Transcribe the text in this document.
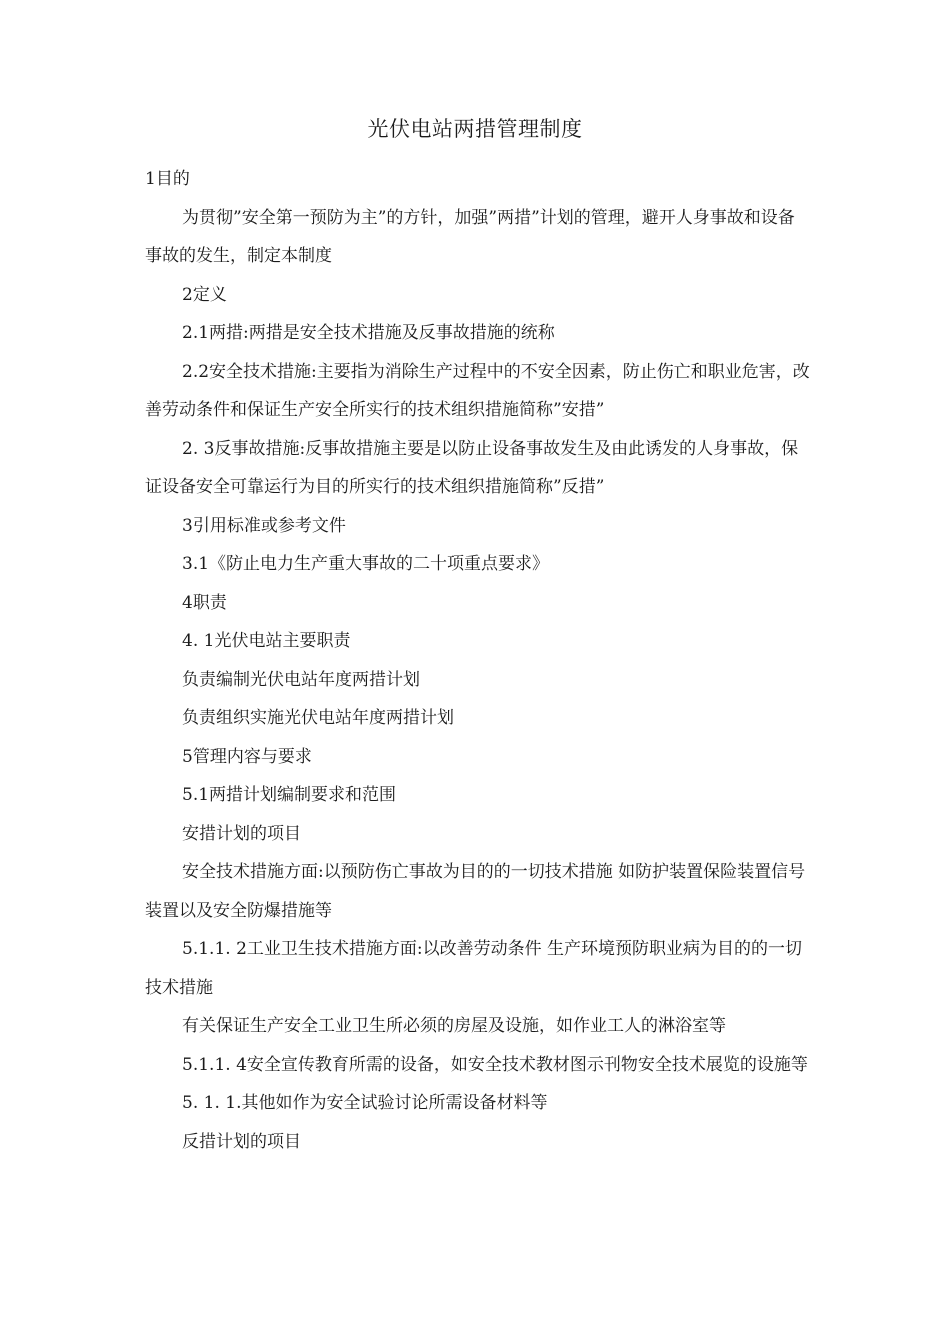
光伏电站两措管理制度

1目的

为贯彻”安全第一预防为主”的方针，加强”两措”计划的管理，避开人身事故和设备事故的发生，制定本制度

2定义

2.1两措:两措是安全技术措施及反事故措施的统称

2.2安全技术措施:主要指为消除生产过程中的不安全因素，防止伤亡和职业危害，改善劳动条件和保证生产安全所实行的技术组织措施简称”安措”

2. 3反事故措施:反事故措施主要是以防止设备事故发生及由此诱发的人身事故，保证设备安全可靠运行为目的所实行的技术组织措施简称”反措”

3引用标准或参考文件

3.1《防止电力生产重大事故的二十项重点要求》

4职责

4. 1光伏电站主要职责

负责编制光伏电站年度两措计划

负责组织实施光伏电站年度两措计划

5管理内容与要求

5.1两措计划编制要求和范围

安措计划的项目

安全技术措施方面:以预防伤亡事故为目的的一切技术措施 如防护装置保险装置信号装置以及安全防爆措施等

5.1.1. 2工业卫生技术措施方面:以改善劳动条件 生产环境预防职业病为目的的一切技术措施

有关保证生产安全工业卫生所必须的房屋及设施，如作业工人的淋浴室等

5.1.1. 4安全宣传教育所需的设备，如安全技术教材图示刊物安全技术展览的设施等

5. 1. 1.其他如作为安全试验讨论所需设备材料等

反措计划的项目
